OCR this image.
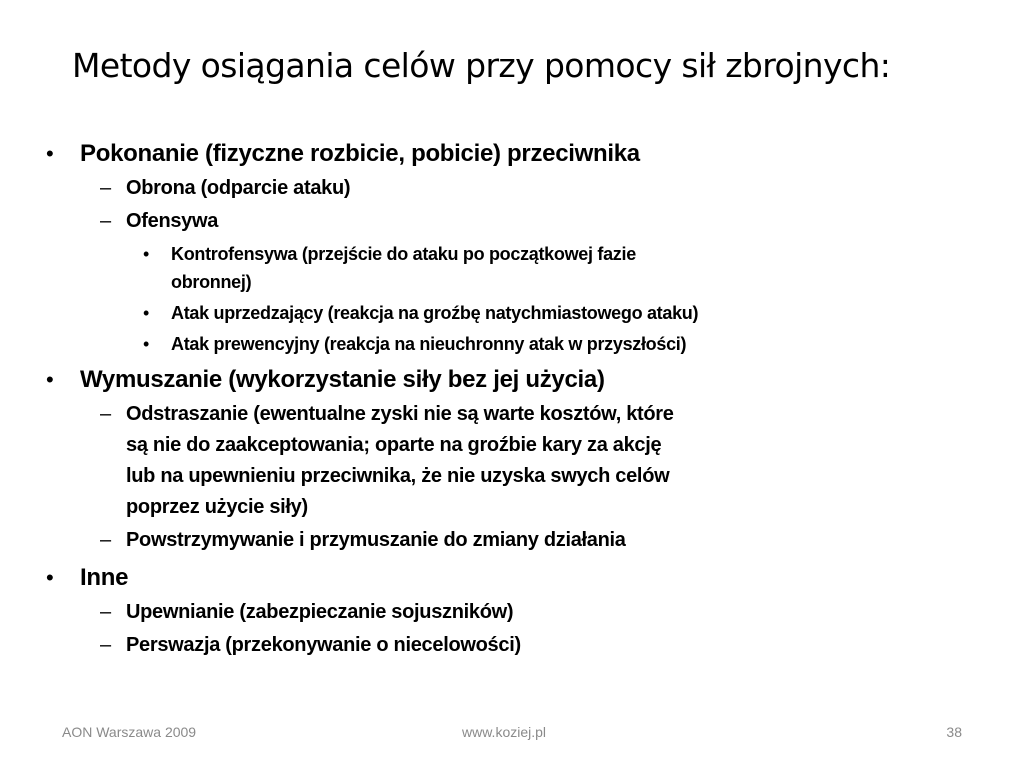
Metody osiągania celów przy pomocy sił zbrojnych:
• Pokonanie (fizyczne rozbicie, pobicie) przeciwnika
– Obrona (odparcie ataku)
– Ofensywa
• Kontrofensywa (przejście do ataku po początkowej fazie
obronnej)
• Atak uprzedzający (reakcja na groźbę natychmiastowego ataku)
• Atak prewencyjny (reakcja na nieuchronny atak w przyszłości)
• Wymuszanie (wykorzystanie siły bez jej użycia)
– Odstraszanie (ewentualne zyski nie są warte kosztów, które
są nie do zaakceptowania; oparte na groźbie kary za akcję
lub na upewnieniu przeciwnika, że nie uzyska swych celów
poprzez użycie siły)
– Powstrzymywanie i przymuszanie do zmiany działania
• Inne
– Upewnianie (zabezpieczanie sojuszników)
– Perswazja (przekonywanie o niecelowości)
AON Warszawa 2009	www.koziej.pl	38
